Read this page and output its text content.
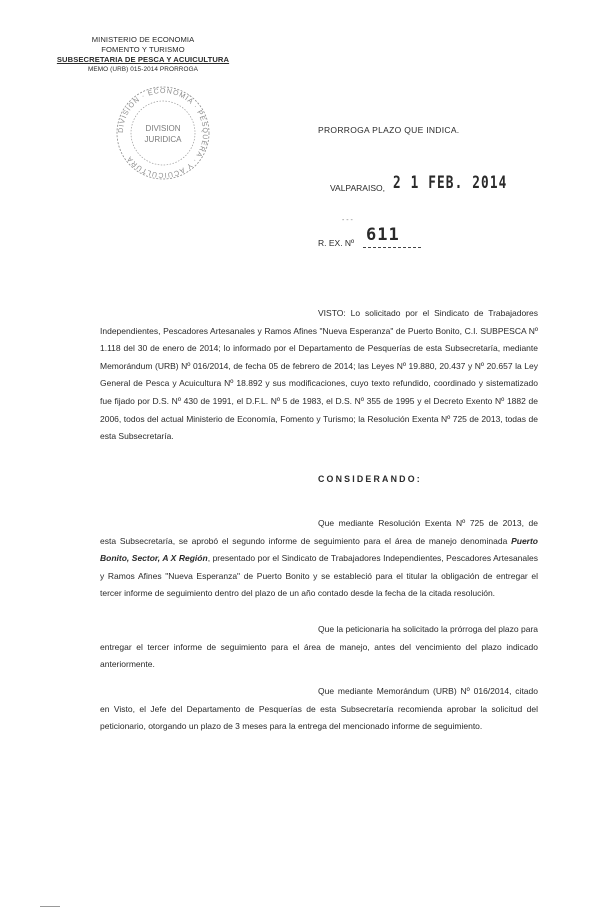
MINISTERIO DE ECONOMIA
FOMENTO Y TURISMO
SUBSECRETARIA DE PESCA Y ACUICULTURA
MEMO (URB) 015-2014 PRORROGA
DIVISION · ECONOMÍA · PESQUERA · Y ACUICULTURA
DIVISION
JURIDICA
PRORROGA PLAZO QUE INDICA.
VALPARAISO, 2 1 FEB. 2014
- - -
R. EX. Nº 611

VISTO: Lo solicitado por el Sindicato de Trabajadores Independientes, Pescadores Artesanales y Ramos Afines "Nueva Esperanza" de Puerto Bonito, C.I. SUBPESCA Nº 1.118 del 30 de enero de 2014; lo informado por el Departamento de Pesquerías de esta Subsecretaría, mediante Memorándum (URB) Nº 016/2014, de fecha 05 de febrero de 2014; las Leyes Nº 19.880, 20.437 y Nº 20.657 la Ley General de Pesca y Acuicultura Nº 18.892 y sus modificaciones, cuyo texto refundido, coordinado y sistematizado fue fijado por D.S. Nº 430 de 1991, el D.F.L. Nº 5 de 1983, el D.S. Nº 355 de 1995 y el Decreto Exento Nº 1882 de 2006, todos del actual Ministerio de Economía, Fomento y Turismo; la Resolución Exenta Nº 725 de 2013, todas de esta Subsecretaría.

CONSIDERANDO:

Que mediante Resolución Exenta Nº 725 de 2013, de esta Subsecretaría, se aprobó el segundo informe de seguimiento para el área de manejo denominada Puerto Bonito, Sector, A X Región, presentado por el Sindicato de Trabajadores Independientes, Pescadores Artesanales y Ramos Afines "Nueva Esperanza" de Puerto Bonito y se estableció para el titular la obligación de entregar el tercer informe de seguimiento dentro del plazo de un año contado desde la fecha de la citada resolución.

Que la peticionaria ha solicitado la prórroga del plazo para entregar el tercer informe de seguimiento para el área de manejo, antes del vencimiento del plazo indicado anteriormente.

Que mediante Memorándum (URB) Nº 016/2014, citado en Visto, el Jefe del Departamento de Pesquerías de esta Subsecretaría recomienda aprobar la solicitud del peticionario, otorgando un plazo de 3 meses para la entrega del mencionado informe de seguimiento.
